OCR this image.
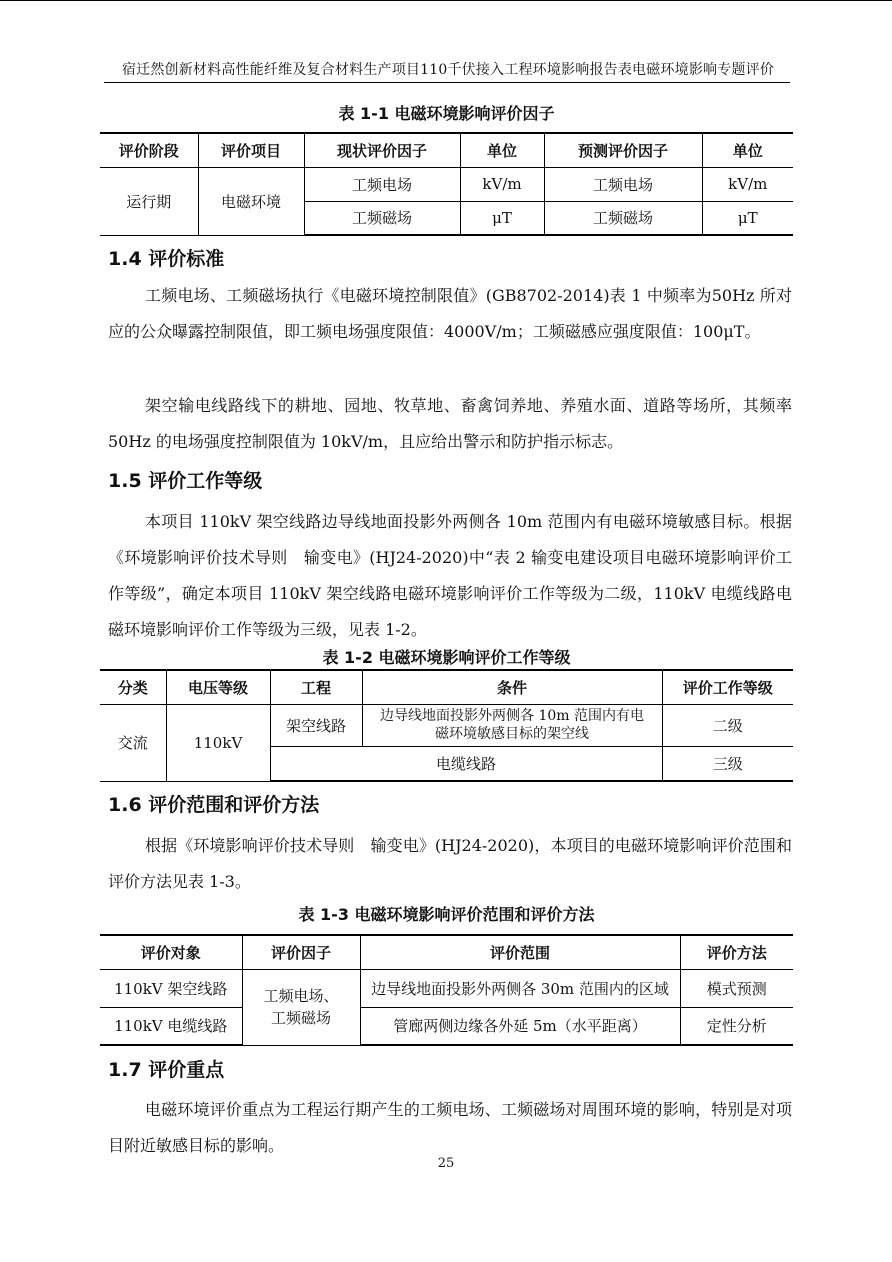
宿迁然创新材料高性能纤维及复合材料生产项目110千伏接入工程环境影响报告表电磁环境影响专题评价
表 1-1 电磁环境影响评价因子
评价阶段	评价项目	现状评价因子	单位	预测评价因子	单位
运行期	电磁环境	工频电场	kV/m	工频电场	kV/m
		工频磁场	μT	工频磁场	μT
1.4 评价标准
工频电场、工频磁场执行《电磁环境控制限值》(GB8702-2014)表 1 中频率为50Hz 所对应的公众曝露控制限值，即工频电场强度限值：4000V/m；工频磁感应强度限值：100μT。
架空输电线路线下的耕地、园地、牧草地、畜禽饲养地、养殖水面、道路等场所，其频率 50Hz 的电场强度控制限值为 10kV/m，且应给出警示和防护指示标志。
1.5 评价工作等级
本项目 110kV 架空线路边导线地面投影外两侧各 10m 范围内有电磁环境敏感目标。根据《环境影响评价技术导则　输变电》(HJ24-2020)中“表 2 输变电建设项目电磁环境影响评价工作等级”，确定本项目 110kV 架空线路电磁环境影响评价工作等级为二级，110kV 电缆线路电磁环境影响评价工作等级为三级，见表 1-2。
表 1-2 电磁环境影响评价工作等级
分类	电压等级	工程	条件	评价工作等级
交流	110kV	架空线路	边导线地面投影外两侧各 10m 范围内有电磁环境敏感目标的架空线	二级
		电缆线路		三级
1.6 评价范围和评价方法
根据《环境影响评价技术导则　输变电》(HJ24-2020)，本项目的电磁环境影响评价范围和评价方法见表 1-3。
表 1-3 电磁环境影响评价范围和评价方法
评价对象	评价因子	评价范围	评价方法
110kV 架空线路	工频电场、工频磁场	边导线地面投影外两侧各 30m 范围内的区域	模式预测
110kV 电缆线路		管廊两侧边缘各外延 5m（水平距离）	定性分析
1.7 评价重点
电磁环境评价重点为工程运行期产生的工频电场、工频磁场对周围环境的影响，特别是对项目附近敏感目标的影响。
25
